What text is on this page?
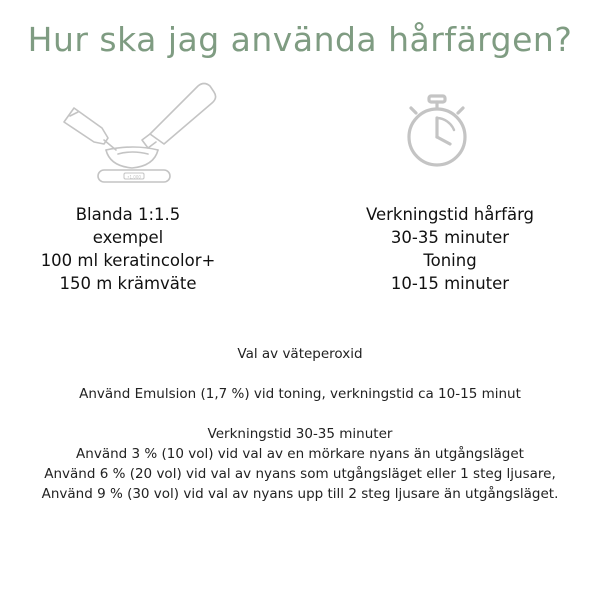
Hur ska jag använda hårfärgen?
•1.000
Blanda 1:1.5
exempel
100 ml keratincolor+
150 m krämväte
Verkningstid hårfärg
30-35 minuter
Toning
10-15 minuter
Val av väteperoxid
Använd Emulsion (1,7 %) vid toning, verkningstid ca 10-15 minut
Verkningstid 30-35 minuter
Använd 3 % (10 vol) vid val av en mörkare nyans än utgångsläget
Använd 6 % (20 vol) vid val av nyans som utgångsläget eller 1 steg ljusare,
Använd 9 % (30 vol) vid val av nyans upp till 2 steg ljusare än utgångsläget.
